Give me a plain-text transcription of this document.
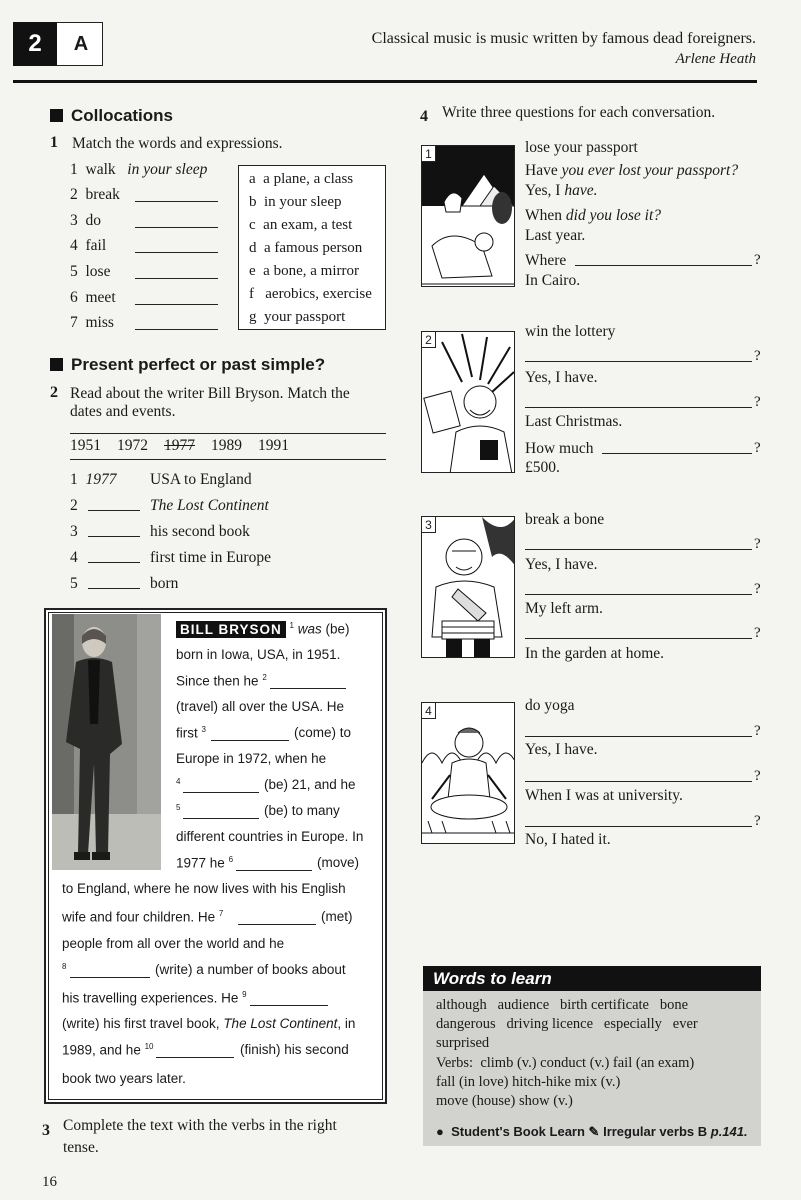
2	A	Classical music is music written by famous dead foreigners.
Arlene Heath
Collocations
1 Match the words and expressions.
1 walk in your sleep
2 break
3 do
4 fail
5 lose
6 meet
7 miss
a a plane, a class
b in your sleep
c an exam, a test
d a famous person
e a bone, a mirror
f aerobics, exercise
g your passport
Present perfect or past simple?
2 Read about the writer Bill Bryson. Match the
dates and events.
1951 1972 1977 1989 1991
1 1977 USA to England
2	The Lost Continent
3	his second book
4	first time in Europe
5	born
BILL BRYSON $^1$ was (be)
born in Iowa, USA, in 1951.
Since then he $^2$
(travel) all over the USA. He
first $^3$	(come) to
Europe in 1972, when he
$^4$	(be) 21, and he
$^5$	(be) to many
different countries in Europe. In
1977 he $^6$	(move)
to England, where he now lives with his English
wife and four children. He $^7$	(met)
people from all over the world and he
$^8$	(write) a number of books about
his travelling experiences. He $^9$
(write) his first travel book, The Lost Continent, in
1989, and he $^{10}$	(finish) his second
book two years later.
3 Complete the text with the verbs in the right
tense.
4 Write three questions for each conversation.
1	lose your passport
Have you ever lost your passport?
Yes, I have.
When did you lose it?
Last year.
Where	?
In Cairo.
2	win the lottery
?
Yes, I have.
?
Last Christmas.
How much	?
£500.
3	break a bone
?
Yes, I have.
?
My left arm.
?
In the garden at home.
4	do yoga
?
Yes, I have.
?
When I was at university.
?
No, I hated it.
Words to learn
although audience birth certificate bone
dangerous driving licence especially ever
surprised
Verbs: climb (v.) conduct (v.) fail (an exam)
fall (in love) hitch-hike mix (v.)
move (house) show (v.)
● Student's Book Learn ✎ Irregular verbs B p.141.
16
